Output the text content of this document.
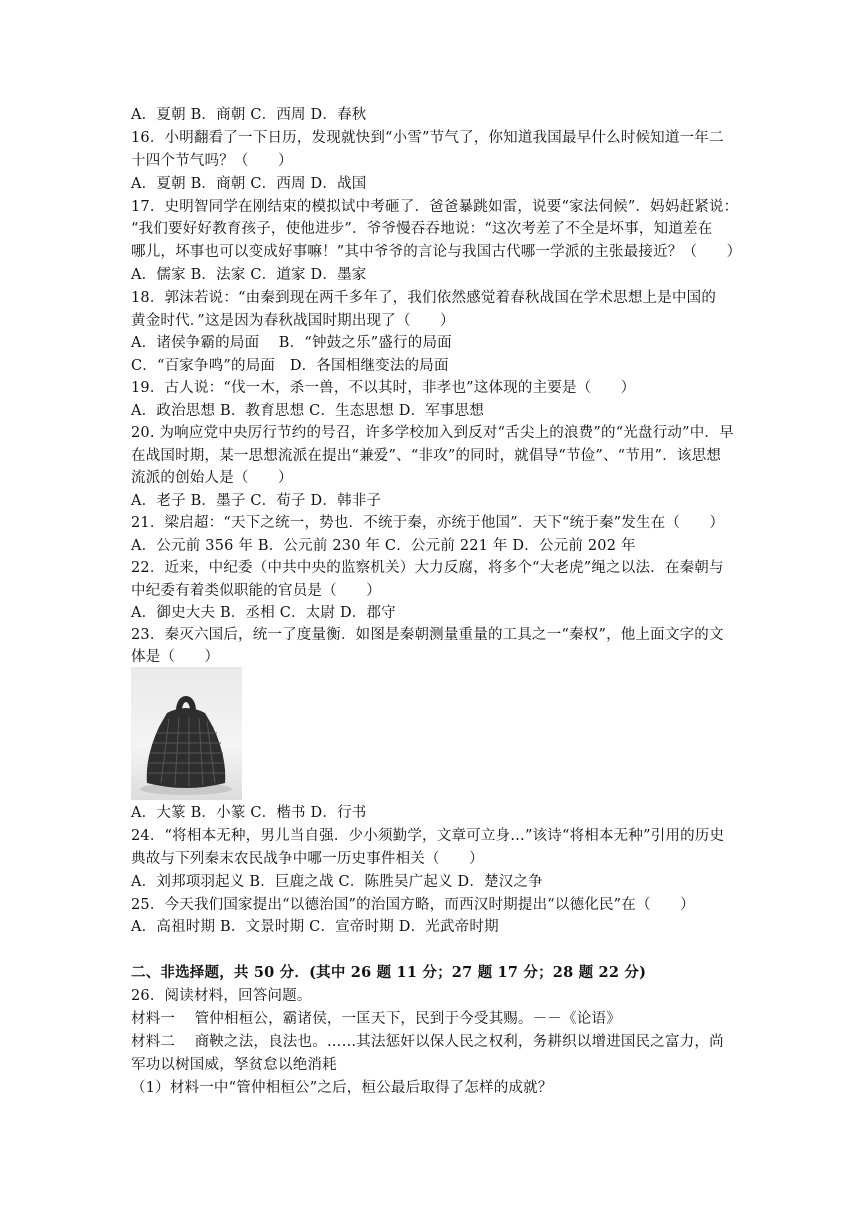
A．夏朝 B．商朝 C．西周 D．春秋
16．小明翻看了一下日历，发现就快到“小雪”节气了，你知道我国最早什么时候知道一年二
十四个节气吗？（　　）
A．夏朝 B．商朝 C．西周 D．战国
17．史明智同学在刚结束的模拟试中考砸了．爸爸暴跳如雷，说要“家法伺候”．妈妈赶紧说：
“我们要好好教育孩子，使他进步”．爷爷慢吞吞地说：“这次考差了不全是坏事，知道差在
哪儿，坏事也可以变成好事嘛！”其中爷爷的言论与我国古代哪一学派的主张最接近？（　　）
A．儒家 B．法家 C．道家 D．墨家
18．郭沫若说：“由秦到现在两千多年了，我们依然感觉着春秋战国在学术思想上是中国的
黄金时代．”这是因为春秋战国时期出现了（　　）
A．诸侯争霸的局面　 B．“钟鼓之乐”盛行的局面
C．“百家争鸣”的局面　D．各国相继变法的局面
19．古人说：“伐一木，杀一兽，不以其时，非孝也”这体现的主要是（　　）
A．政治思想 B．教育思想 C．生态思想 D．军事思想
20. 为响应党中央厉行节约的号召，许多学校加入到反对“舌尖上的浪费”的“光盘行动”中．早
在战国时期，某一思想流派在提出“兼爱”、“非攻”的同时，就倡导“节俭”、“节用”．该思想
流派的创始人是（　　）
A．老子 B．墨子 C．荀子 D．韩非子
21．梁启超：“天下之统一，势也．不统于秦，亦统于他国”．天下“统于秦”发生在（　　）
A．公元前 356 年 B．公元前 230 年 C．公元前 221 年 D．公元前 202 年
22．近来，中纪委（中共中央的监察机关）大力反腐，将多个“大老虎”绳之以法．在秦朝与
中纪委有着类似职能的官员是（　　）
A．御史大夫 B．丞相 C．太尉 D．郡守
23．秦灭六国后，统一了度量衡．如图是秦朝测量重量的工具之一“秦权”，他上面文字的文
体是（　　）
A．大篆 B．小篆 C．楷书 D．行书
24．“将相本无种，男儿当自强．少小须勤学，文章可立身…”该诗“将相本无种”引用的历史
典故与下列秦末农民战争中哪一历史事件相关（　　）
A．刘邦项羽起义 B．巨鹿之战 C．陈胜吴广起义 D．楚汉之争
25．今天我们国家提出“以德治国”的治国方略，而西汉时期提出“以德化民”在（　　）
A．高祖时期 B．文景时期 C．宣帝时期 D．光武帝时期
二、非选择题，共 50 分．(其中 26 题 11 分；27 题 17 分；28 题 22 分)
26．阅读材料，回答问题。
材料一　 管仲相桓公，霸诸侯，一匡天下，民到于今受其赐。－－《论语》
材料二　 商鞅之法，良法也。……其法惩奸以保人民之权利，务耕织以增进国民之富力，尚
军功以树国威，孥贫怠以绝消耗
（1）材料一中“管仲相桓公”之后，桓公最后取得了怎样的成就？
